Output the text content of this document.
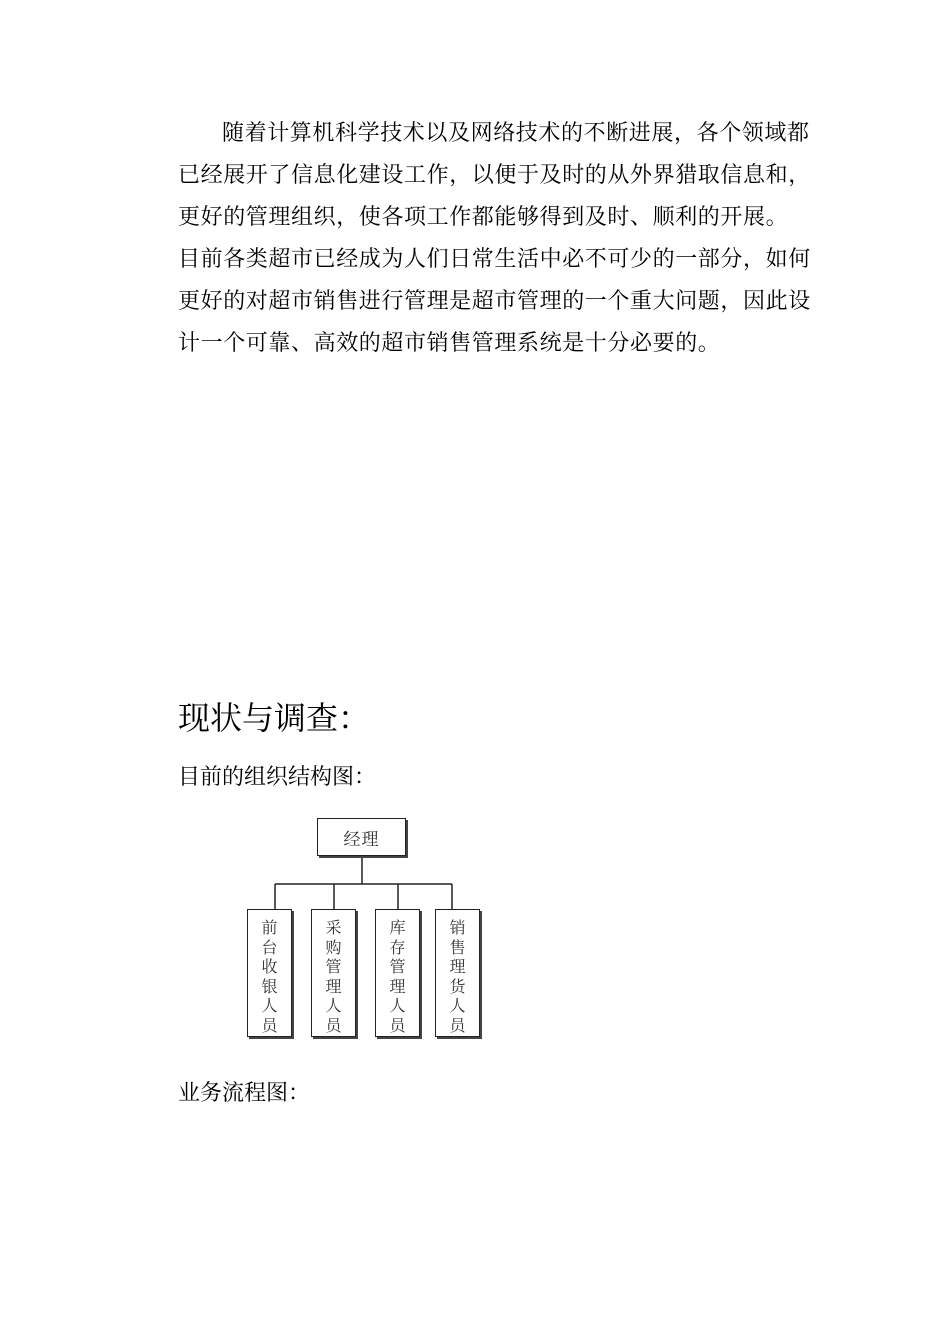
随着计算机科学技术以及网络技术的不断进展，各个领域都
已经展开了信息化建设工作，以便于及时的从外界猎取信息和，
更好的管理组织，使各项工作都能够得到及时、顺利的开展。
目前各类超市已经成为人们日常生活中必不可少的一部分，如何
更好的对超市销售进行管理是超市管理的一个重大问题，因此设
计一个可靠、高效的超市销售管理系统是十分必要的。
现状与调查：
目前的组织结构图：
经理
前台收银人员
采购管理人员
库存管理人员
销售理货人员
业务流程图：
